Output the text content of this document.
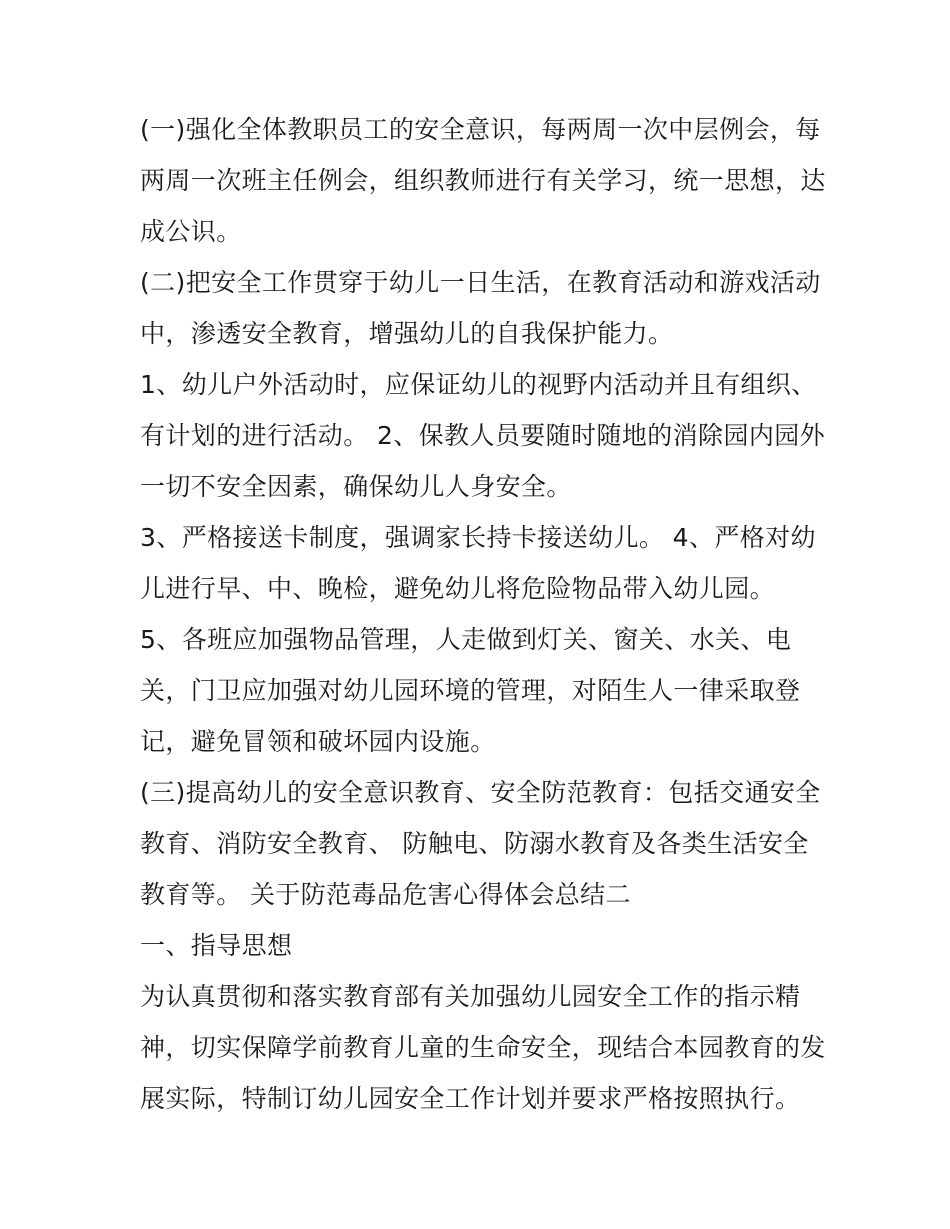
(一)强化全体教职员工的安全意识，每两周一次中层例会，每
两周一次班主任例会，组织教师进行有关学习，统一思想，达
成公识。
(二)把安全工作贯穿于幼儿一日生活，在教育活动和游戏活动
中，渗透安全教育，增强幼儿的自我保护能力。
1、幼儿户外活动时，应保证幼儿的视野内活动并且有组织、
有计划的进行活动。 2、保教人员要随时随地的消除园内园外
一切不安全因素，确保幼儿人身安全。
3、严格接送卡制度，强调家长持卡接送幼儿。 4、严格对幼
儿进行早、中、晚检，避免幼儿将危险物品带入幼儿园。
5、各班应加强物品管理，人走做到灯关、窗关、水关、电
关，门卫应加强对幼儿园环境的管理，对陌生人一律采取登
记，避免冒领和破坏园内设施。
(三)提高幼儿的安全意识教育、安全防范教育：包括交通安全
教育、消防安全教育、 防触电、防溺水教育及各类生活安全
教育等。 关于防范毒品危害心得体会总结二
一、指导思想
为认真贯彻和落实教育部有关加强幼儿园安全工作的指示精
神，切实保障学前教育儿童的生命安全，现结合本园教育的发
展实际，特制订幼儿园安全工作计划并要求严格按照执行。
